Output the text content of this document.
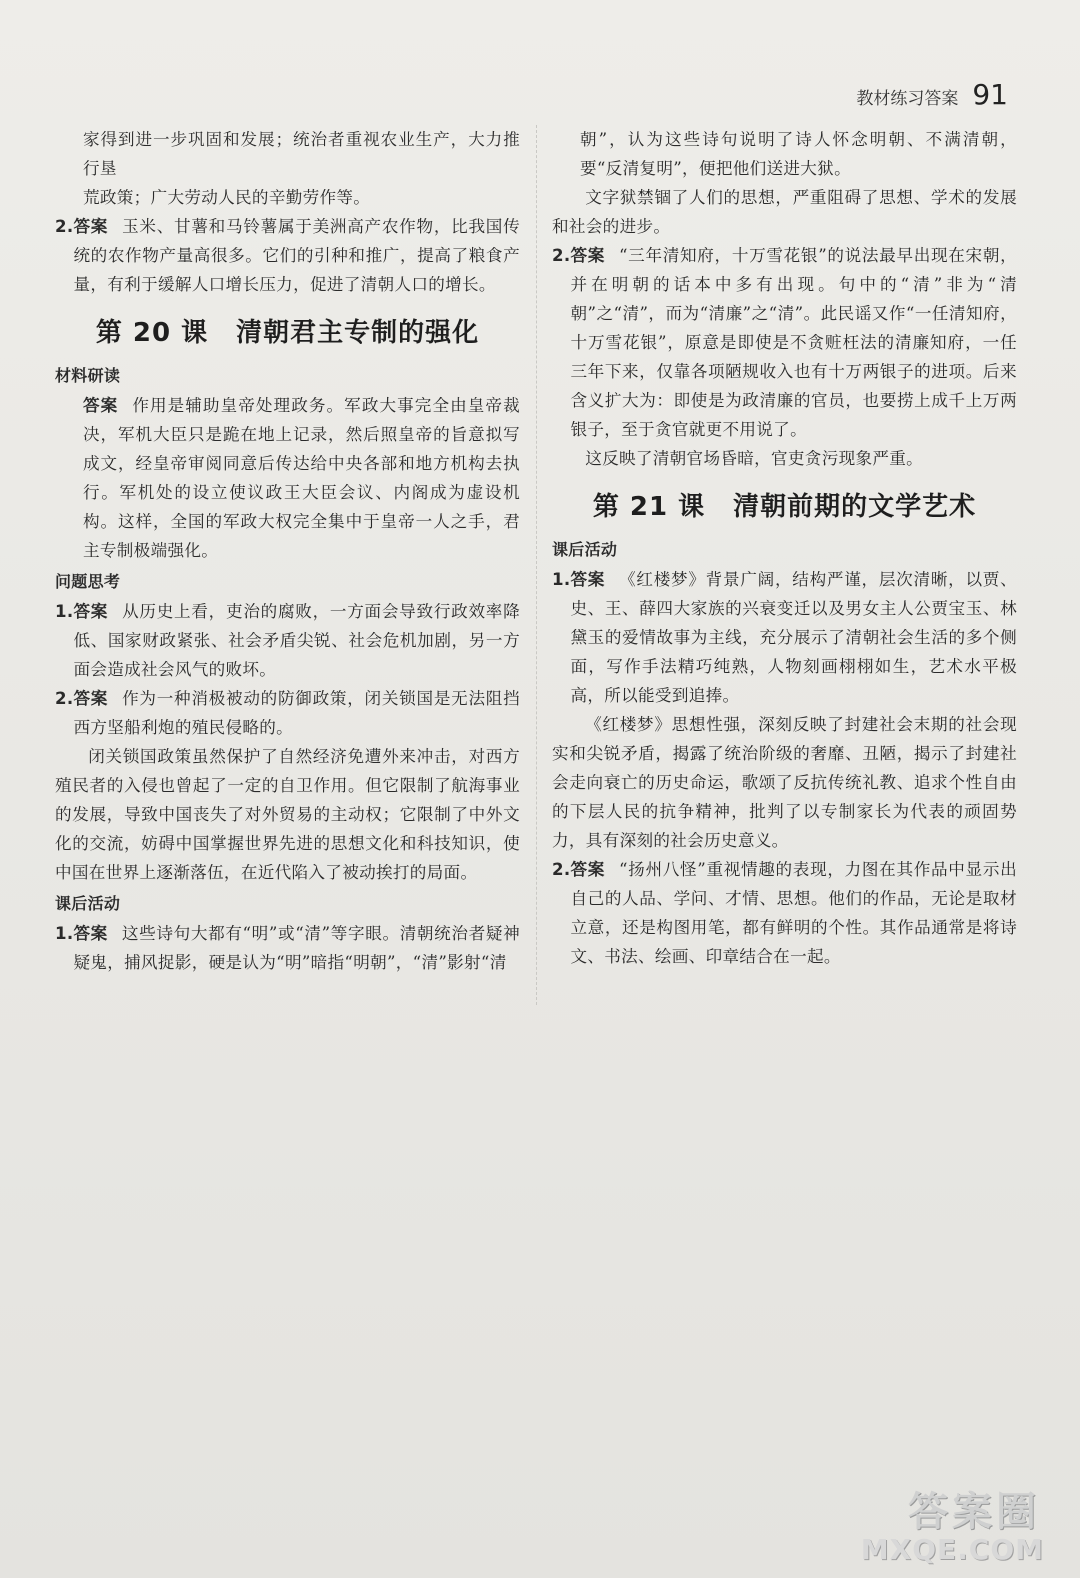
教材练习答案 91

家得到进一步巩固和发展；统治者重视农业生产，大力推行垦

荒政策；广大劳动人民的辛勤劳作等。

2. 答案 玉米、甘薯和马铃薯属于美洲高产农作物，比我国传统的农作物产量高很多。它们的引种和推广，提高了粮食产量，有利于缓解人口增长压力，促进了清朝人口的增长。
第 20 课 清朝君主专制的强化
材料研读

答案 作用是辅助皇帝处理政务。军政大事完全由皇帝裁决，军机大臣只是跪在地上记录，然后照皇帝的旨意拟写成文，经皇帝审阅同意后传达给中央各部和地方机构去执行。军机处的设立使议政王大臣会议、内阁成为虚设机构。这样，全国的军政大权完全集中于皇帝一人之手，君主专制极端强化。

问题思考
1. 答案 从历史上看，吏治的腐败，一方面会导致行政效率降低、国家财政紧张、社会矛盾尖锐、社会危机加剧，另一方面会造成社会风气的败坏。
2. 答案 作为一种消极被动的防御政策，闭关锁国是无法阻挡西方坚船利炮的殖民侵略的。

闭关锁国政策虽然保护了自然经济免遭外来冲击，对西方殖民者的入侵也曾起了一定的自卫作用。但它限制了航海事业的发展，导致中国丧失了对外贸易的主动权；它限制了中外文化的交流，妨碍中国掌握世界先进的思想文化和科技知识，使中国在世界上逐渐落伍，在近代陷入了被动挨打的局面。

课后活动
1. 答案 这些诗句大都有“明”或“清”等字眼。清朝统治者疑神疑鬼，捕风捉影，硬是认为“明”暗指“明朝”，“清”影射“清

朝”，认为这些诗句说明了诗人怀念明朝、不满清朝，要“反清复明”，便把他们送进大狱。

文字狱禁锢了人们的思想，严重阻碍了思想、学术的发展和社会的进步。

2. 答案 “三年清知府，十万雪花银”的说法最早出现在宋朝，并在明朝的话本中多有出现。句中的“清”非为“清朝”之“清”，而为“清廉”之“清”。此民谣又作“一任清知府，十万雪花银”，原意是即使是不贪赃枉法的清廉知府，一任三年下来，仅靠各项陋规收入也有十万两银子的进项。后来含义扩大为：即使是为政清廉的官员，也要捞上成千上万两银子，至于贪官就更不用说了。

这反映了清朝官场昏暗，官吏贪污现象严重。

第 21 课 清朝前期的文学艺术
课后活动
1. 答案 《红楼梦》背景广阔，结构严谨，层次清晰，以贾、史、王、薛四大家族的兴衰变迁以及男女主人公贾宝玉、林黛玉的爱情故事为主线，充分展示了清朝社会生活的多个侧面，写作手法精巧纯熟，人物刻画栩栩如生，艺术水平极高，所以能受到追捧。

《红楼梦》思想性强，深刻反映了封建社会末期的社会现实和尖锐矛盾，揭露了统治阶级的奢靡、丑陋，揭示了封建社会走向衰亡的历史命运，歌颂了反抗传统礼教、追求个性自由的下层人民的抗争精神，批判了以专制家长为代表的顽固势力，具有深刻的社会历史意义。

2. 答案 “扬州八怪”重视情趣的表现，力图在其作品中显示出自己的人品、学问、才情、思想。他们的作品，无论是取材立意，还是构图用笔，都有鲜明的个性。其作品通常是将诗文、书法、绘画、印章结合在一起。
答案圈
MXQE.COM
